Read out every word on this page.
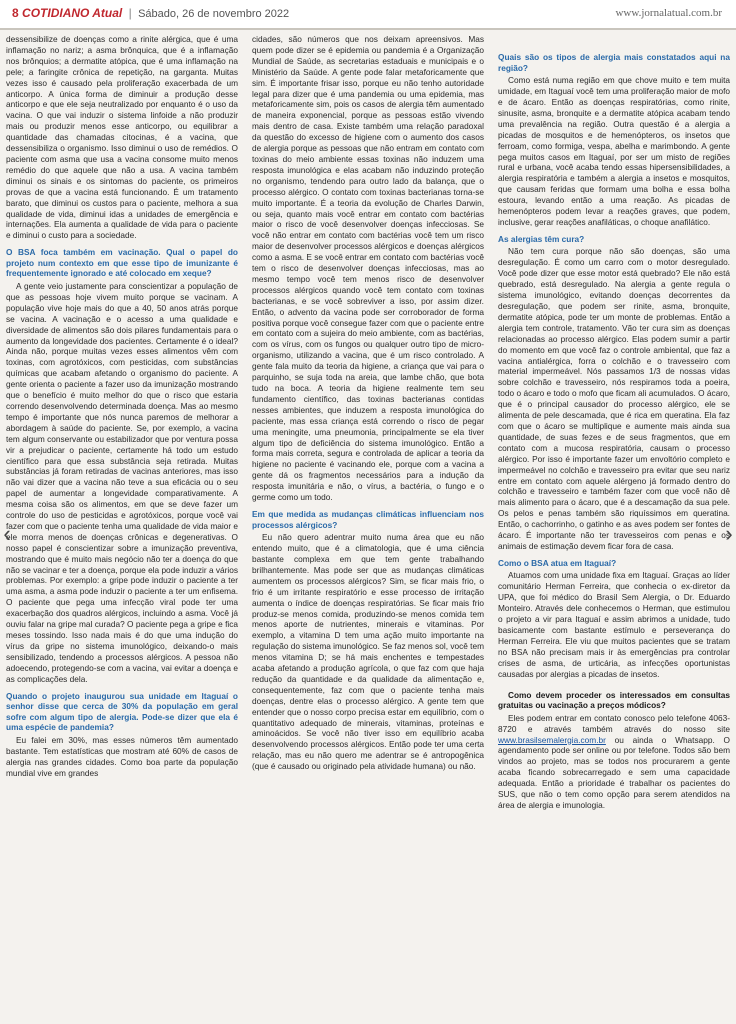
8 COTIDIANO Atual | Sábado, 26 de novembro 2022	www.jornalatual.com.br

dessensibilize de doenças como a rinite alérgica, que é uma inflamação no nariz; a asma brônquica, que é a inflamação nos brônquios; a dermatite atópica, que é uma inflamação na pele; a faringite crônica de repetição, na garganta. Muitas vezes isso é causado pela proliferação exacerbada de um anticorpo. A única forma de diminuir a produção desse anticorpo e que ele seja neutralizado por enquanto é o uso da vacina. O que vai induzir o sistema linfoide a não produzir mais ou produzir menos esse anticorpo, ou equilibrar a quantidade das chamadas citocinas, é a vacina, que dessensibiliza o organismo. Isso diminui o uso de remédios. O paciente com asma que usa a vacina consome muito menos remédio do que aquele que não a usa. A vacina também diminui os sinais e os sintomas do paciente, os primeiros provas de que a vacina está funcionando. É um tratamento barato, que diminui os custos para o paciente, melhora a sua qualidade de vida, diminui idas a unidades de emergência e internações. Ela aumenta a qualidade de vida para o paciente e diminui o custo para a sociedade.

O BSA foca também em vacinação. Qual o papel do projeto num contexto em que esse tipo de imunizante é frequentemente ignorado e até colocado em xeque?

A gente veio justamente para conscientizar a população de que as pessoas hoje vivem muito porque se vacinam. A população vive hoje mais do que a 40, 50 anos atrás porque se vacina. A vacinação e o acesso a uma qualidade e diversidade de alimentos são dois pilares fundamentais para o aumento da longevidade dos pacientes. Certamente é o ideal? Ainda não, porque muitas vezes esses alimentos vêm com toxinas, com agrotóxicos, com pesticidas, com substâncias químicas que acabam afetando o organismo do paciente. A gente orienta o paciente a fazer uso da imunização mostrando que o benefício é muito melhor do que o risco que estaria correndo desenvolvendo determinada doença. Mas ao mesmo tempo é importante que nós nunca paremos de melhorar a abordagem à saúde do paciente. Se, por exemplo, a vacina tem algum conservante ou estabilizador que por ventura possa vir a prejudicar o paciente, certamente há todo um estudo científico para que essa substância seja retirada. Muitas substâncias já foram retiradas de vacinas anteriores, mas isso não vai dizer que a vacina não teve a sua eficácia ou o seu papel de aumentar a longevidade comparativamente. A mesma coisa são os alimentos, em que se deve fazer um controle do uso de pesticidas e agrotóxicos, porque você vai fazer com que o paciente tenha uma qualidade de vida maior e ele morra menos de doenças crônicas e degenerativas. O nosso papel é conscientizar sobre a imunização preventiva, mostrando que é muito mais negócio não ter a doença do que não se vacinar e ter a doença, porque ela pode induzir a vários problemas. Por exemplo: a gripe pode induzir o paciente a ter uma asma, a asma pode induzir o paciente a ter um enfisema. O paciente que pega uma infecção viral pode ter uma exacerbação dos quadros alérgicos, incluindo a asma. Você já ouviu falar na gripe mal curada? O paciente pega a gripe e fica meses tossindo. Isso nada mais é do que uma indução do vírus da gripe no sistema imunológico, deixando-o mais sensibilizado, tendendo a processos alérgicos. A pessoa não adoecendo, protegendo-se com a vacina, vai evitar a doença e as complicações dela.

Quando o projeto inaugurou sua unidade em Itaguaí o senhor disse que cerca de 30% da população em geral sofre com algum tipo de alergia. Pode-se dizer que ela é uma espécie de pandemia?

Eu falei em 30%, mas esses números têm aumentado bastante. Tem estatísticas que mostram até 60% de casos de alergia nas grandes cidades. Como boa parte da população mundial vive em grandes

cidades, são números que nos deixam apreensivos. Mas quem pode dizer se é epidemia ou pandemia é a Organização Mundial de Saúde, as secretarias estaduais e municipais e o Ministério da Saúde. A gente pode falar metaforicamente que sim. É importante frisar isso, porque eu não tenho autoridade legal para dizer que é uma pandemia ou uma epidemia, mas metaforicamente sim, pois os casos de alergia têm aumentado de maneira exponencial, porque as pessoas estão vivendo mais dentro de casa. Existe também uma relação paradoxal da questão do excesso de higiene com o aumento dos casos de alergia porque as pessoas que não entram em contato com toxinas do meio ambiente essas toxinas não induzem uma resposta imunológica e elas acabam não induzindo proteção no organismo, tendendo para outro lado da balança, que o processo alérgico. O contato com toxinas bacterianas torna-se muito importante. É a teoria da evolução de Charles Darwin, ou seja, quanto mais você entrar em contato com bactérias maior o risco de você desenvolver doenças infecciosas. Se você não entrar em contato com bactérias você tem um risco maior de desenvolver processos alérgicos e doenças alérgicos como a asma. E se você entrar em contato com bactérias você tem o risco de desenvolver doenças infecciosas, mas ao mesmo tempo você tem menos risco de desenvolver processos alérgicos quando você tem contato com toxinas bacterianas, e se você sobreviver a isso, por assim dizer. Então, o advento da vacina pode ser corroborador de forma positiva porque você consegue fazer com que o paciente entre em contato com a sujeira do meio ambiente, com as bactérias, com os vírus, com os fungos ou qualquer outro tipo de micro-organismo, utilizando a vacina, que é um risco controlado. A gente fala muito da teoria da higiene, a criança que vai para o parquinho, se suja toda na areia, que lambe chão, que bota tudo na boca. A teoria da higiene realmente tem seu fundamento científico, das toxinas bacterianas contidas nesses ambientes, que induzem a resposta imunológica do paciente, mas essa criança está correndo o risco de pegar uma meningite, uma pneumonia, principalmente se ela tiver algum tipo de deficiência do sistema imunológico. Então a forma mais correta, segura e controlada de aplicar a teoria da higiene no paciente é vacinando ele, porque com a vacina a gente dá os fragmentos necessários para a indução da resposta imunitária e não, o vírus, a bactéria, o fungo e o germe como um todo.

Em que medida as mudanças climáticas influenciam nos processos alérgicos?

Eu não quero adentrar muito numa área que eu não entendo muito, que é a climatologia, que é uma ciência bastante complexa em que tem gente trabalhando brilhantemente. Mas pode ser que as mudanças climáticas aumentem os processos alérgicos? Sim, se ficar mais frio, o frio é um irritante respiratório e esse processo de irritação aumenta o índice de doenças respiratórias. Se ficar mais frio produz-se menos comida, produzindo-se menos comida tem menos aporte de nutrientes, minerais e vitaminas. Por exemplo, a vitamina D tem uma ação muito importante na regulação do sistema imunológico. Se faz menos sol, você tem menos vitamina D; se há mais enchentes e tempestades acaba afetando a produção agrícola, o que faz com que haja redução da quantidade e da qualidade da alimentação e, consequentemente, faz com que o paciente tenha mais doenças, dentre elas o processo alérgico. A gente tem que entender que o nosso corpo precisa estar em equilíbrio, com o quantitativo adequado de minerais, vitaminas, proteínas e aminoácidos. Se você não tiver isso em equilíbrio acaba desenvolvendo processos alérgicos. Então pode ter uma certa relação, mas eu não quero me adentrar se é antropogênica (que é causado ou originado pela atividade humana) ou não.

Quais são os tipos de alergia mais constatados aqui na região?

Como está numa região em que chove muito e tem muita umidade, em Itaguaí você tem uma proliferação maior de mofo e de ácaro. Então as doenças respiratórias, como rinite, sinusite, asma, bronquite e a dermatite atópica acabam tendo uma prevalência na região. Outra questão é a alergia a picadas de mosquitos e de hemenópteros, os insetos que ferroam, como formiga, vespa, abelha e marimbondo. A gente pega muitos casos em Itaguaí, por ser um misto de regiões rural e urbana, você acaba tendo essas hipersensibilidades, a alergia respiratória e também a alergia a insetos e mosquitos, que causam feridas que formam uma bolha e essa bolha estoura, levando então a uma reação. As picadas de hemenópteros podem levar a reações graves, que podem, inclusive, gerar reações anafiláticas, o choque anafilático.

As alergias têm cura?

Não tem cura porque não são doenças, são uma desregulação. É como um carro com o motor desregulado. Você pode dizer que esse motor está quebrado? Ele não está quebrado, está desregulado. Na alergia a gente regula o sistema imunológico, evitando doenças decorrentes da desregulação, que podem ser rinite, asma, bronquite, dermatite atópica, pode ter um monte de problemas. Então a alergia tem controle, tratamento. Vão ter cura sim as doenças relacionadas ao processo alérgico. Elas podem sumir a partir do momento em que você faz o controle ambiental, que faz a vacina antialérgica, forra o colchão e o travesseiro com material impermeável. Nós passamos 1/3 de nossas vidas sobre colchão e travesseiro, nós respiramos toda a poeira, todo o ácaro e todo o mofo que ficam ali acumulados. O ácaro, que é o principal causador do processo alérgico, ele se alimenta de pele descamada, que é rica em queratina. Ela faz com que o ácaro se multiplique e aumente mais ainda sua quantidade, de suas fezes e de seus fragmentos, que em contato com a mucosa respiratória, causam o processo alérgico. Por isso é importante fazer um envoltório completo e impermeável no colchão e travesseiro pra evitar que seu nariz entre em contato com aquele alérgeno já formado dentro do colchão e travesseiro e também fazer com que você não dê mais alimento para o ácaro, que é a descamação da sua pele. Os pelos e penas também são riquíssimos em queratina. Então, o cachorrinho, o gatinho e as aves podem ser fontes de ácaro. É importante não ter travesseiros com penas e os animais de estimação devem ficar fora de casa.

Como o BSA atua em Itaguaí?

Atuamos com uma unidade fixa em Itaguaí. Graças ao líder comunitário Herman Ferreira, que conhecia o ex-diretor da UPA, que foi médico do Brasil Sem Alergia, o Dr. Eduardo Monteiro. Através dele conhecemos o Herman, que estimulou o projeto a vir para Itaguaí e assim abrimos a unidade, tudo basicamente com bastante estímulo e perseverança do Herman Ferreira. Ele viu que muitos pacientes que se tratam no BSA não precisam mais ir às emergências pra controlar crises de asma, de urticária, as infecções oportunistas causadas por alergias a picadas de insetos.

Como devem proceder os interessados em consultas gratuitas ou vacinação a preços módicos?

Eles podem entrar em contato conosco pelo telefone 4063-8720 e através também através do nosso site www.brasilsemalergia.com.br ou ainda o Whatsapp. O agendamento pode ser online ou por telefone. Todos são bem vindos ao projeto, mas se todos nos procurarem a gente acaba ficando sobrecarregado e sem uma capacidade adequada. Então a prioridade é trabalhar os pacientes do SUS, que não o tem como opção para serem atendidos na área de alergia e imunologia.

‹	›
